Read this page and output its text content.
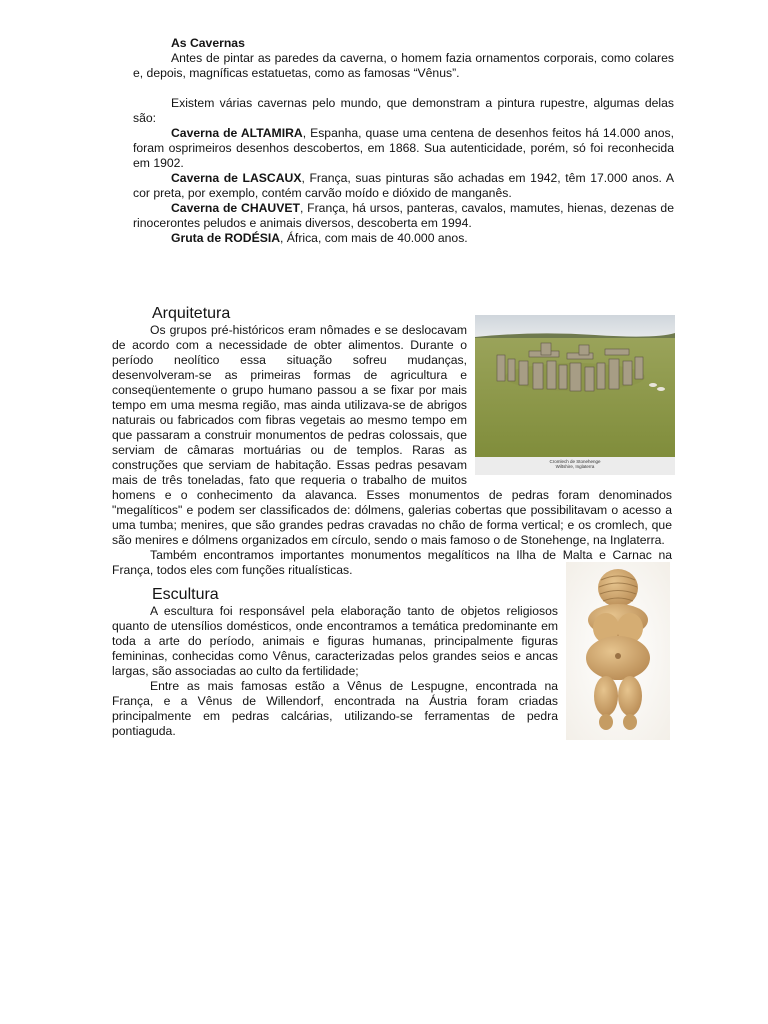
As Cavernas

Antes de pintar as paredes da caverna, o homem fazia ornamentos corporais, como colares e, depois, magníficas estatuetas, como as famosas “Vênus”.

Existem várias cavernas pelo mundo, que demonstram a pintura rupestre, algumas delas são:

Caverna de ALTAMIRA, Espanha, quase uma centena de desenhos feitos há 14.000 anos, foram osprimeiros desenhos descobertos, em 1868. Sua autenticidade, porém, só foi reconhecida em 1902.

Caverna de LASCAUX, França, suas pinturas são achadas em 1942, têm 17.000 anos. A cor preta, por exemplo, contém carvão moído e dióxido de manganês.

Caverna de CHAUVET, França, há ursos, panteras, cavalos, mamutes, hienas, dezenas de rinocerontes peludos e animais diversos, descoberta em 1994.

Gruta de RODÉSIA, África, com mais de 40.000 anos.

Cromlech de Stonehenge
Wiltshire, Inglaterra
Arquitetura

Os grupos pré-históricos eram nômades e se deslocavam de acordo com a necessidade de obter alimentos. Durante o período neolítico essa situação sofreu mudanças, desenvolveram-se as primeiras formas de agricultura e conseqüentemente o grupo humano passou a se fixar por mais tempo em uma mesma região, mas ainda utilizava-se de abrigos naturais ou fabricados com fibras vegetais ao mesmo tempo em que passaram a construir monumentos de pedras colossais, que serviam de câmaras mortuárias ou de templos. Raras as construções que serviam de habitação. Essas pedras pesavam mais de três toneladas, fato que requeria o trabalho de muitos homens e o conhecimento da alavanca. Esses monumentos de pedras foram denominados "megalíticos" e podem ser classificados de: dólmens, galerias cobertas que possibilitavam o acesso a uma tumba; menires, que são grandes pedras cravadas no chão de forma vertical; e os cromlech, que são menires e dólmens organizados em círculo, sendo o mais famoso o de Stonehenge, na Inglaterra.

Também encontramos importantes monumentos megalíticos na Ilha de Malta e Carnac na França, todos eles com funções ritualísticas.

Escultura

A escultura foi responsável pela elaboração tanto de objetos religiosos quanto de utensílios domésticos, onde encontramos a temática predominante em toda a arte do período, animais e figuras humanas, principalmente figuras femininas, conhecidas como Vênus, caracterizadas pelos grandes seios e ancas largas, são associadas ao culto da fertilidade;

Entre as mais famosas estão a Vênus de Lespugne, encontrada na França, e a Vênus de Willendorf, encontrada na Áustria foram criadas principalmente em pedras calcárias, utilizando-se ferramentas de pedra pontiaguda.
